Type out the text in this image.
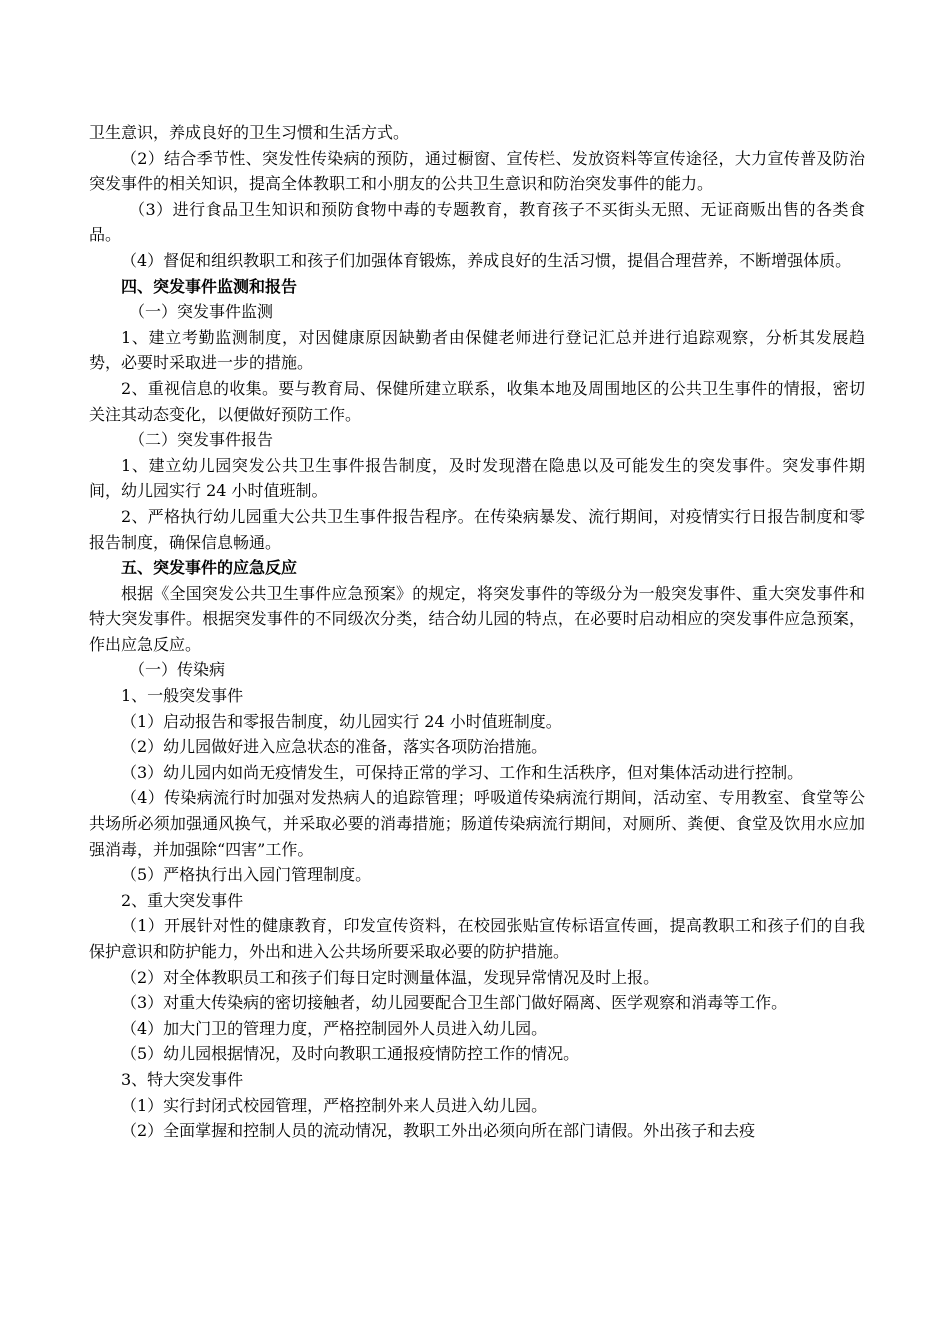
卫生意识，养成良好的卫生习惯和生活方式。

（2）结合季节性、突发性传染病的预防，通过橱窗、宣传栏、发放资料等宣传途径，大力宣传普及防治突发事件的相关知识，提高全体教职工和小朋友的公共卫生意识和防治突发事件的能力。

（3）进行食品卫生知识和预防食物中毒的专题教育，教育孩子不买街头无照、无证商贩出售的各类食品。

（4）督促和组织教职工和孩子们加强体育锻炼，养成良好的生活习惯，提倡合理营养，不断增强体质。

四、突发事件监测和报告

（一）突发事件监测

1、建立考勤监测制度，对因健康原因缺勤者由保健老师进行登记汇总并进行追踪观察，分析其发展趋势，必要时采取进一步的措施。

2、重视信息的收集。要与教育局、保健所建立联系，收集本地及周围地区的公共卫生事件的情报，密切关注其动态变化，以便做好预防工作。

（二）突发事件报告

1、建立幼儿园突发公共卫生事件报告制度，及时发现潜在隐患以及可能发生的突发事件。突发事件期间，幼儿园实行 24 小时值班制。

2、严格执行幼儿园重大公共卫生事件报告程序。在传染病暴发、流行期间，对疫情实行日报告制度和零报告制度，确保信息畅通。

五、突发事件的应急反应

根据《全国突发公共卫生事件应急预案》的规定，将突发事件的等级分为一般突发事件、重大突发事件和特大突发事件。根据突发事件的不同级次分类，结合幼儿园的特点，在必要时启动相应的突发事件应急预案，作出应急反应。

（一）传染病

1、一般突发事件

（1）启动报告和零报告制度，幼儿园实行 24 小时值班制度。

（2）幼儿园做好进入应急状态的准备，落实各项防治措施。

（3）幼儿园内如尚无疫情发生，可保持正常的学习、工作和生活秩序，但对集体活动进行控制。

（4）传染病流行时加强对发热病人的追踪管理；呼吸道传染病流行期间，活动室、专用教室、食堂等公共场所必须加强通风换气，并采取必要的消毒措施；肠道传染病流行期间，对厕所、粪便、食堂及饮用水应加强消毒，并加强除“四害”工作。

（5）严格执行出入园门管理制度。

2、重大突发事件

（1）开展针对性的健康教育，印发宣传资料，在校园张贴宣传标语宣传画，提高教职工和孩子们的自我保护意识和防护能力，外出和进入公共场所要采取必要的防护措施。

（2）对全体教职员工和孩子们每日定时测量体温，发现异常情况及时上报。

（3）对重大传染病的密切接触者，幼儿园要配合卫生部门做好隔离、医学观察和消毒等工作。

（4）加大门卫的管理力度，严格控制园外人员进入幼儿园。

（5）幼儿园根据情况，及时向教职工通报疫情防控工作的情况。

3、特大突发事件

（1）实行封闭式校园管理，严格控制外来人员进入幼儿园。

（2）全面掌握和控制人员的流动情况，教职工外出必须向所在部门请假。外出孩子和去疫
